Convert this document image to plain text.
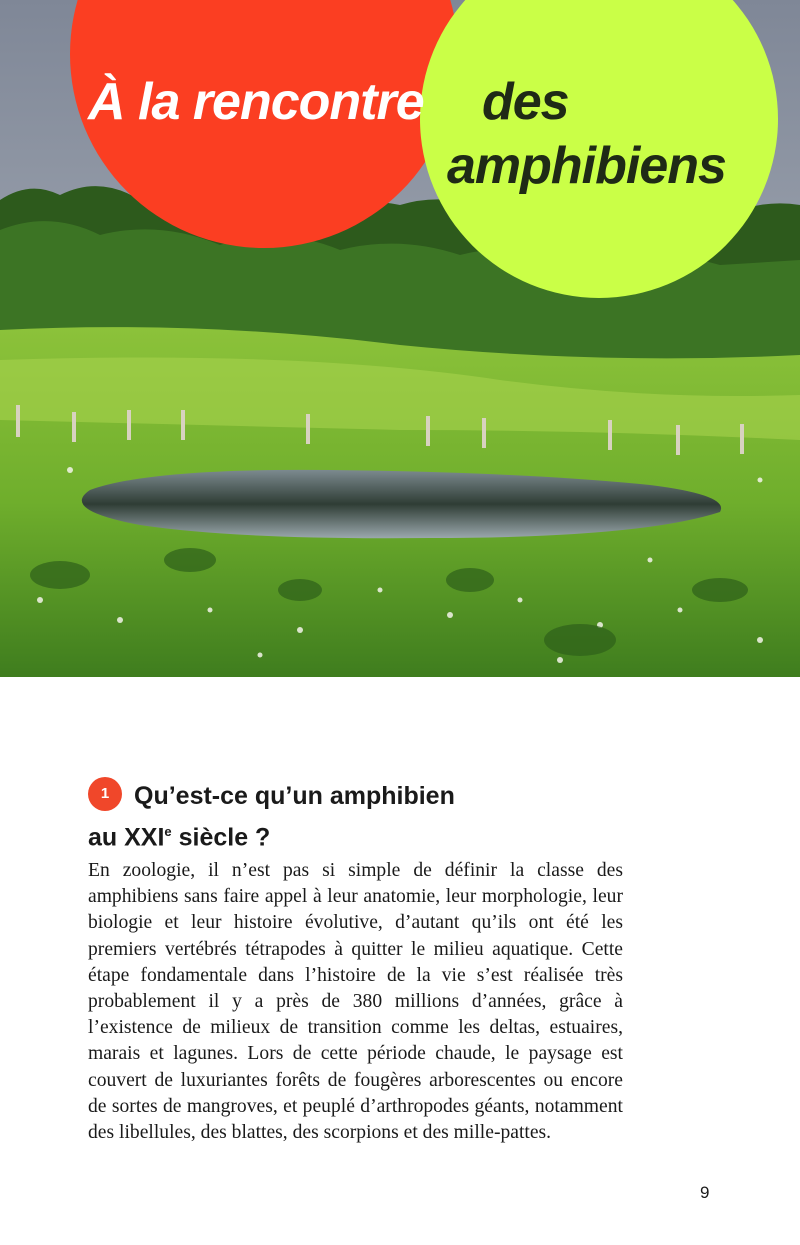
À la rencontre des
amphibiens
1 Qu’est-ce qu’un amphibien
au XXIe siècle ?

En zoologie, il n’est pas si simple de définir la classe des amphibiens sans faire appel à leur anatomie, leur morphologie, leur biologie et leur histoire évolutive, d’autant qu’ils ont été les premiers vertébrés tétrapodes à quitter le milieu aquatique. Cette étape fondamentale dans l’histoire de la vie s’est réalisée très probablement il y a près de 380 millions d’années, grâce à l’existence de milieux de transition comme les deltas, estuaires, marais et lagunes. Lors de cette période chaude, le paysage est couvert de luxuriantes forêts de fougères arborescentes ou encore de sortes de mangroves, et peuplé d’arthropodes géants, notamment des libellules, des blattes, des scorpions et des mille-pattes.

9
